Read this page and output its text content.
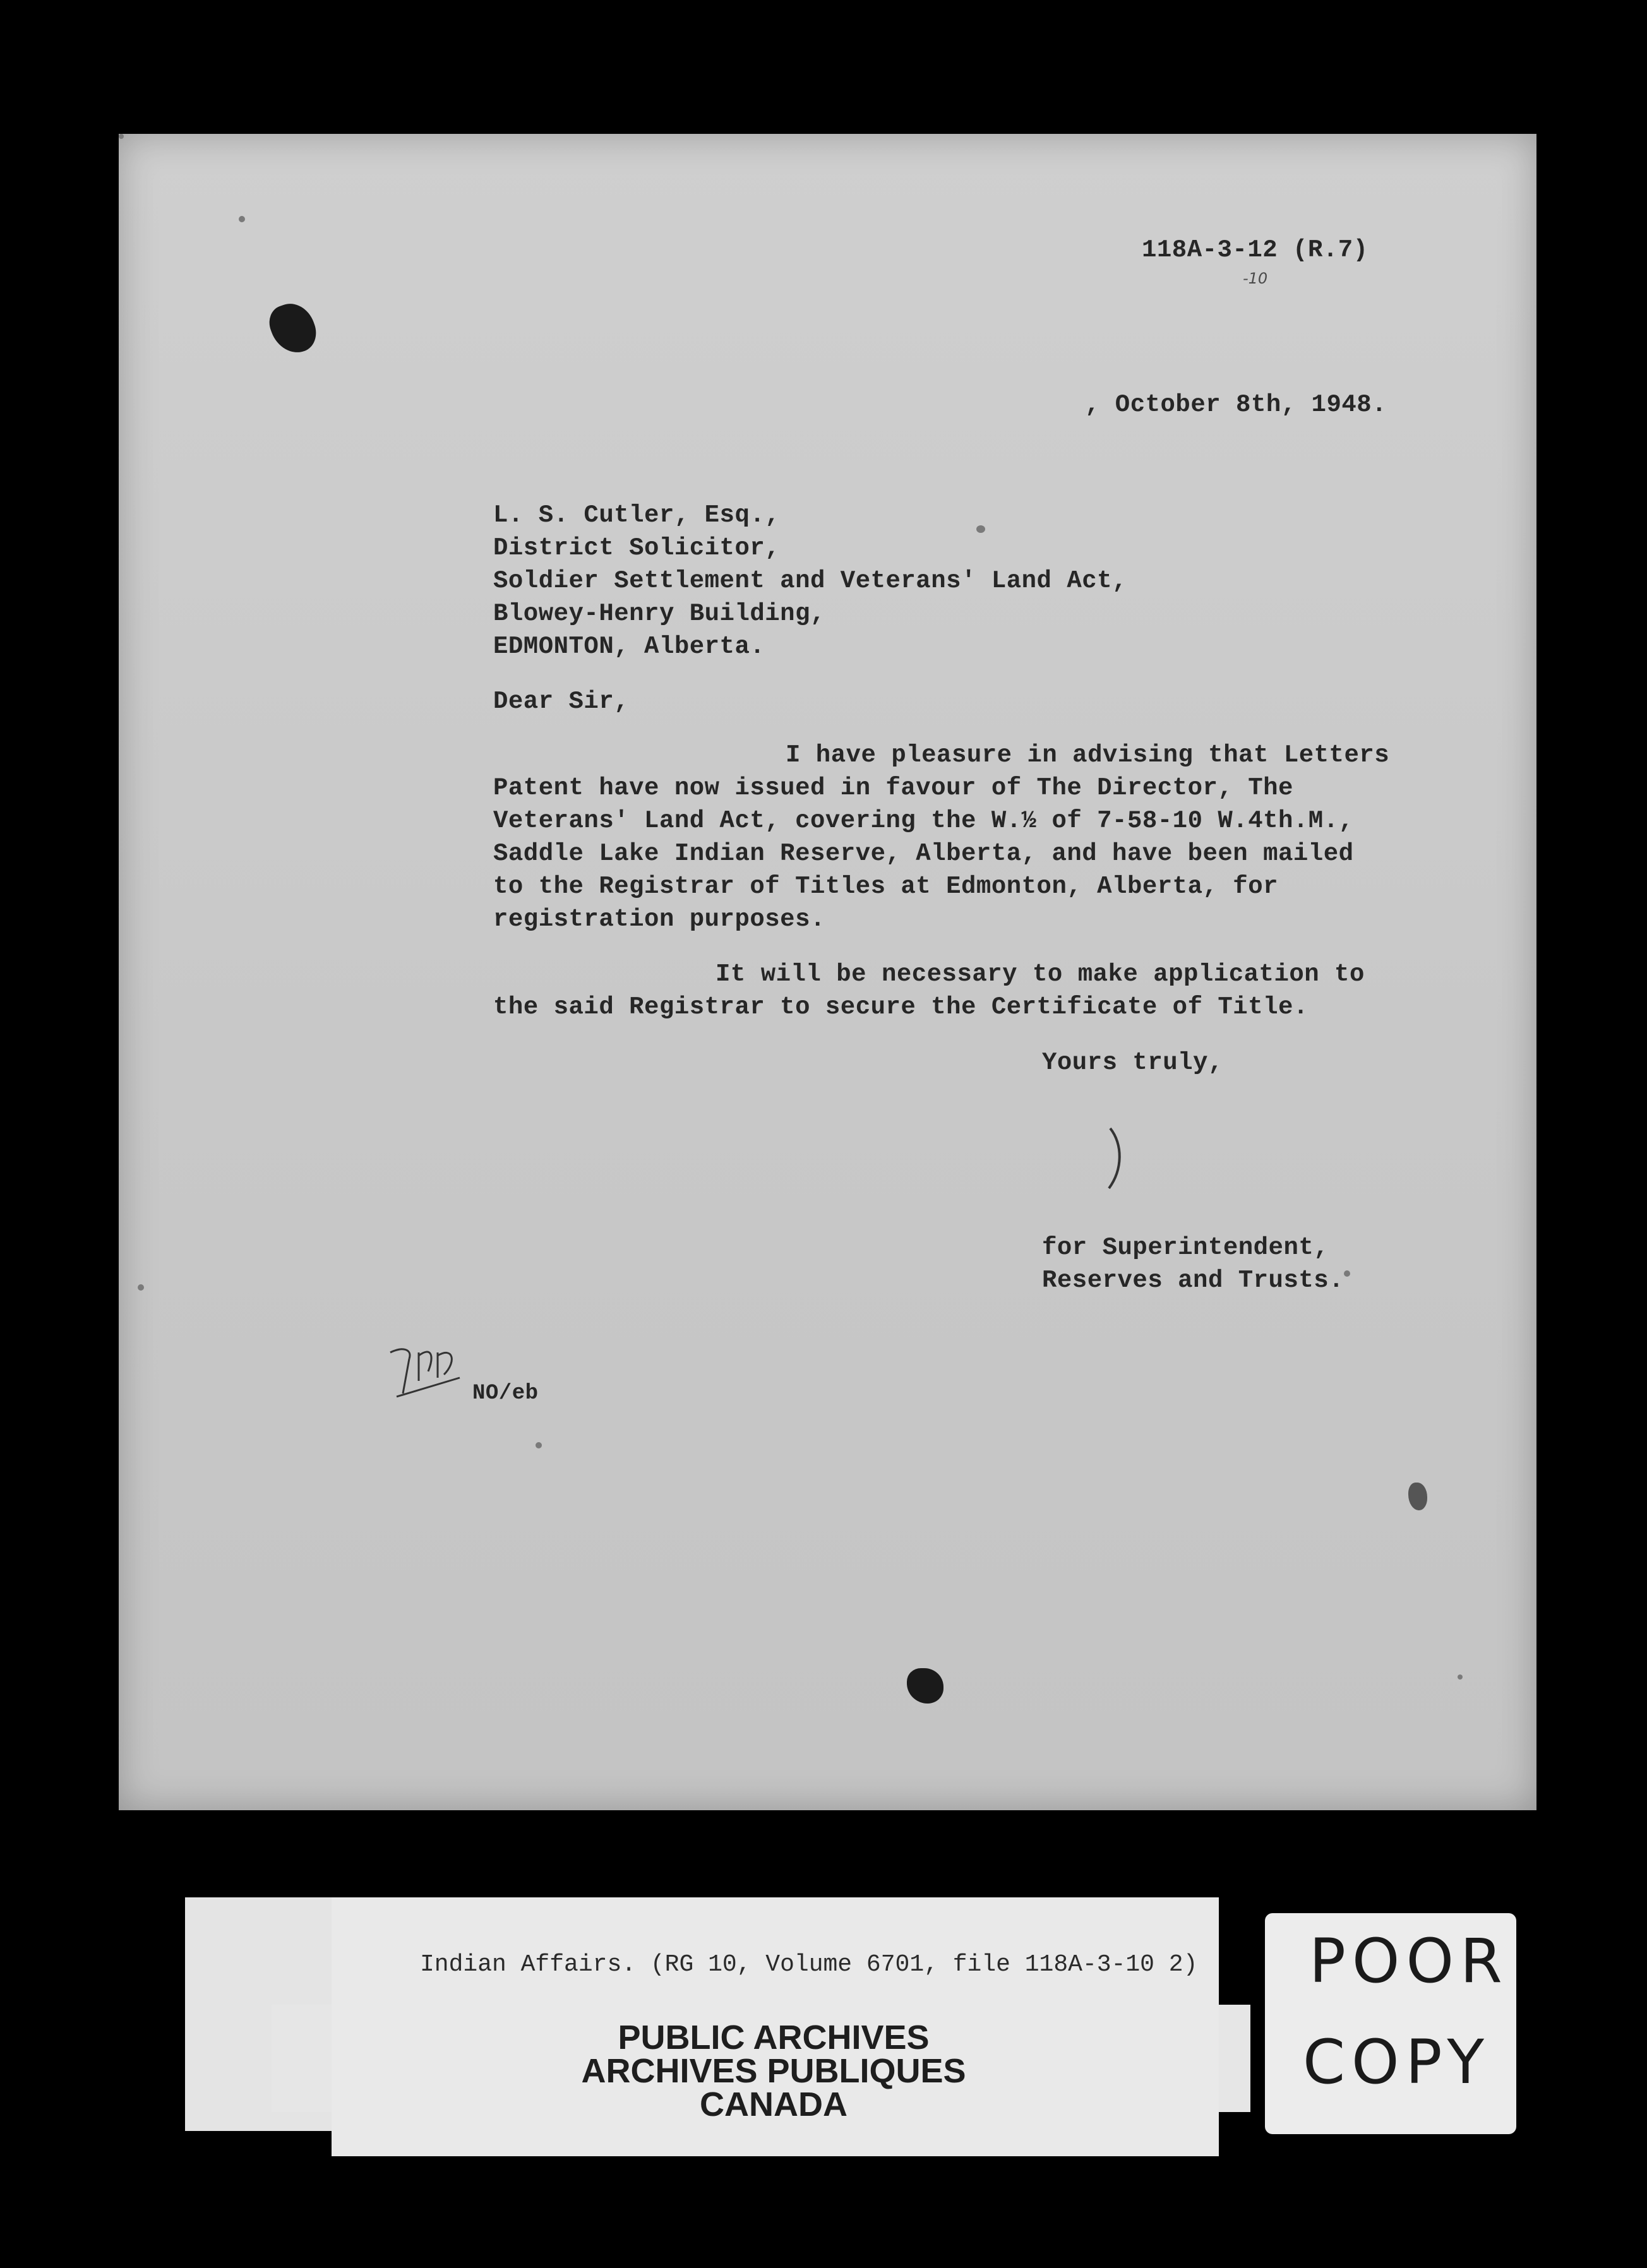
118A-3-12 (R.7)
-10
, October 8th, 1948.
L. S. Cutler, Esq.,
District Solicitor,
Soldier Settlement and Veterans' Land Act,
Blowey-Henry Building,
EDMONTON, Alberta.
Dear Sir,
I have pleasure in advising that Letters
Patent have now issued in favour of The Director, The
Veterans' Land Act, covering the W.½ of 7-58-10 W.4th.M.,
Saddle Lake Indian Reserve, Alberta, and have been mailed
to the Registrar of Titles at Edmonton, Alberta, for
registration purposes.
It will be necessary to make application to
the said Registrar to secure the Certificate of Title.
Yours truly,
for Superintendent,
Reserves and Trusts.
NO/eb
PUBLIC ARCHIVES
ARCHIVES PUBLIQUES
CANADA
Indian Affairs. (RG 10, Volume 6701, file 118A-3-10 2) POOR
COPY
